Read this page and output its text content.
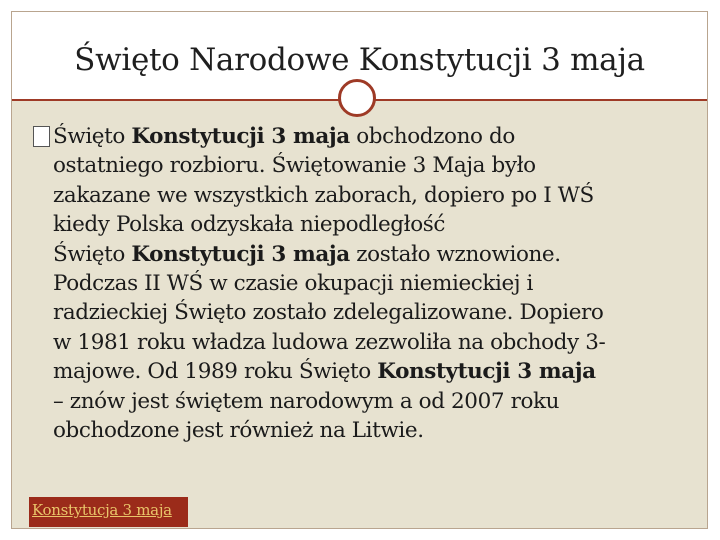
Święto Narodowe Konstytucji 3 maja
Święto Konstytucji 3 maja obchodzono do
ostatniego rozbioru. Świętowanie 3 Maja było
zakazane we wszystkich zaborach, dopiero po I WŚ
kiedy Polska odzyskała niepodległość
Święto Konstytucji 3 maja zostało wznowione.
Podczas II WŚ w czasie okupacji niemieckiej i
radzieckiej Święto zostało zdelegalizowane. Dopiero
w 1981 roku władza ludowa zezwoliła na obchody 3-
majowe. Od 1989 roku Święto Konstytucji 3 maja
– znów jest świętem narodowym a od 2007 roku
obchodzone jest również na Litwie.
Konstytucja 3 maja
